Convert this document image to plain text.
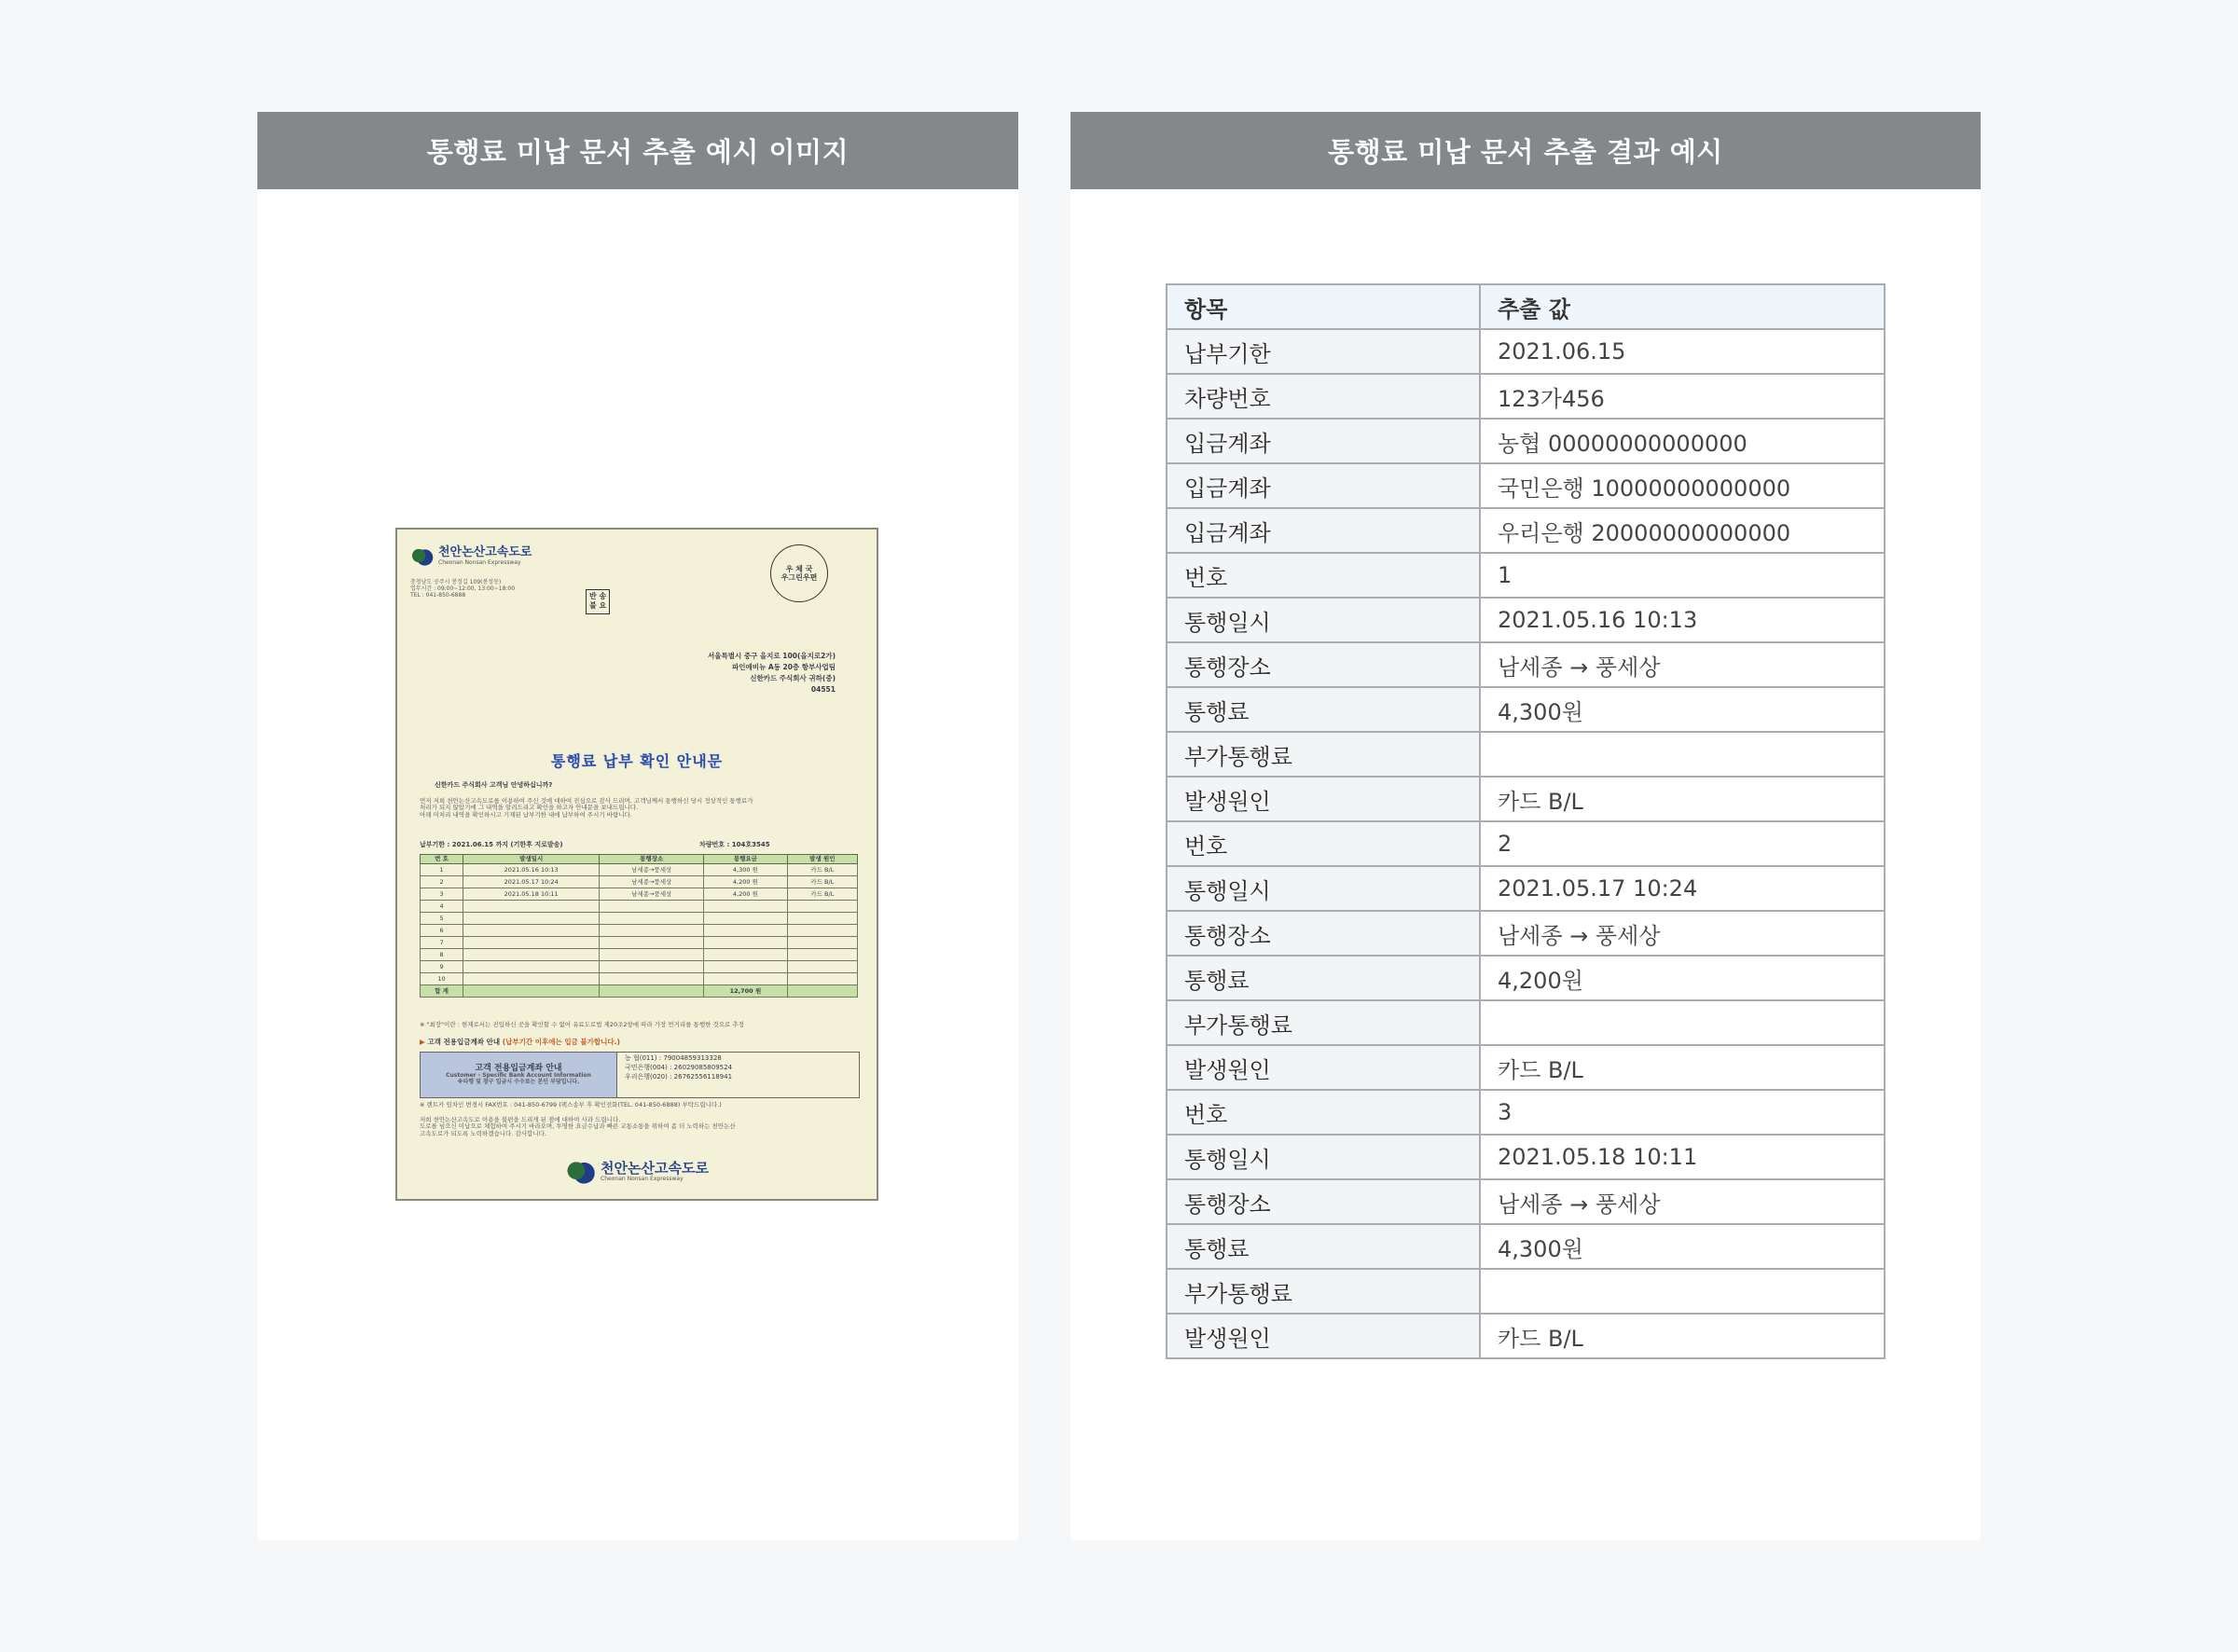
통행료 미납 문서 추출 예시 이미지
천안논산고속도로
Cheonan Nonsan Expressway
충청남도 공주시 봉정길 109(봉정동)
업무시간 : 09:00~12:00, 13:00~18:00
TEL : 041-850-6888	반 송
불 요
우 체 국
우그린우편
서울특별시 중구 을지로 100(을지로2가)
파인애비뉴 A동 20층 항부사업팀
신한카드 주식회사 귀하(중)
04551
통행료 납부 확인 안내문
신한카드 주식회사 고객님 안녕하십니까?
먼저 저희 천안논산고속도로를 이용하여 주신 것에 대하여 진심으로 감사 드리며, 고객님께서 통행하신 당시 정상적인 통행료가
처리가 되지 않았기에 그 내역을 알려드리고 확인을 하고자 안내문을 보내드립니다.
아래 미처리 내역을 확인하시고 기재된 납부기한 내에 납부하여 주시기 바랍니다.
납부기한 : 2021.06.15 까지 (기한후 지로발송)	차량번호 : 104호3545
번 호	발생일시	통행장소	통행요금	발생 원인
1	2021.05.16 10:13	남세종→풍세상	4,300 원	카드 B/L
2	2021.05.17 10:24	남세종→풍세상	4,200 원	카드 B/L
3	2021.05.18 10:11	남세종→풍세상	4,200 원	카드 B/L
4				
5				
6				
7				
8				
9				
10				
합 계			12,700 원	
※ "최장"이란 : 현재로서는 진입하신 곳을 확인할 수 없어 유료도로법 제20조2항에 따라 가장 먼거리를 통행한 것으로 추정
▶ 고객 전용입금계좌 안내 (납부기간 이후에는 입금 불가합니다.)
고객 전용입금계좌 안내
Customer - Specific Bank Account Information
※타행 및 창구 입금시 수수료는 본인 부담입니다.
농 협(011) : 79004859313328
국민은행(004) : 26029085809524
우리은행(020) : 26762556118941
※ 렌트카 임차인 변경시 FAX번호 : 041-850-6799 (팩스송부 후 확인전화(TEL. 041-850-6888) 부탁드립니다.)
저희 천안논산고속도로 이용을 불편을 드리게 된 점에 대하여 사과 드립니다.
도로를 넘으신 미납으로 체험하여 주시기 바라오며, 투명한 요금수납과 빠른 교통소통을 위하여 좀 더 노력하는 천안논산
고속도로가 되도록 노력하겠습니다. 감사합니다.
천안논산고속도로
Cheonan Nonsan Expressway
통행료 미납 문서 추출 결과 예시
항목	추출 값
납부기한	2021.06.15
차량번호	123가456
입금계좌	농협 00000000000000
입금계좌	국민은행 10000000000000
입금계좌	우리은행 20000000000000
번호	1
통행일시	2021.05.16 10:13
통행장소	남세종 → 풍세상
통행료	4,300원
부가통행료	
발생원인	카드 B/L
번호	2
통행일시	2021.05.17 10:24
통행장소	남세종 → 풍세상
통행료	4,200원
부가통행료	
발생원인	카드 B/L
번호	3
통행일시	2021.05.18 10:11
통행장소	남세종 → 풍세상
통행료	4,300원
부가통행료	
발생원인	카드 B/L
